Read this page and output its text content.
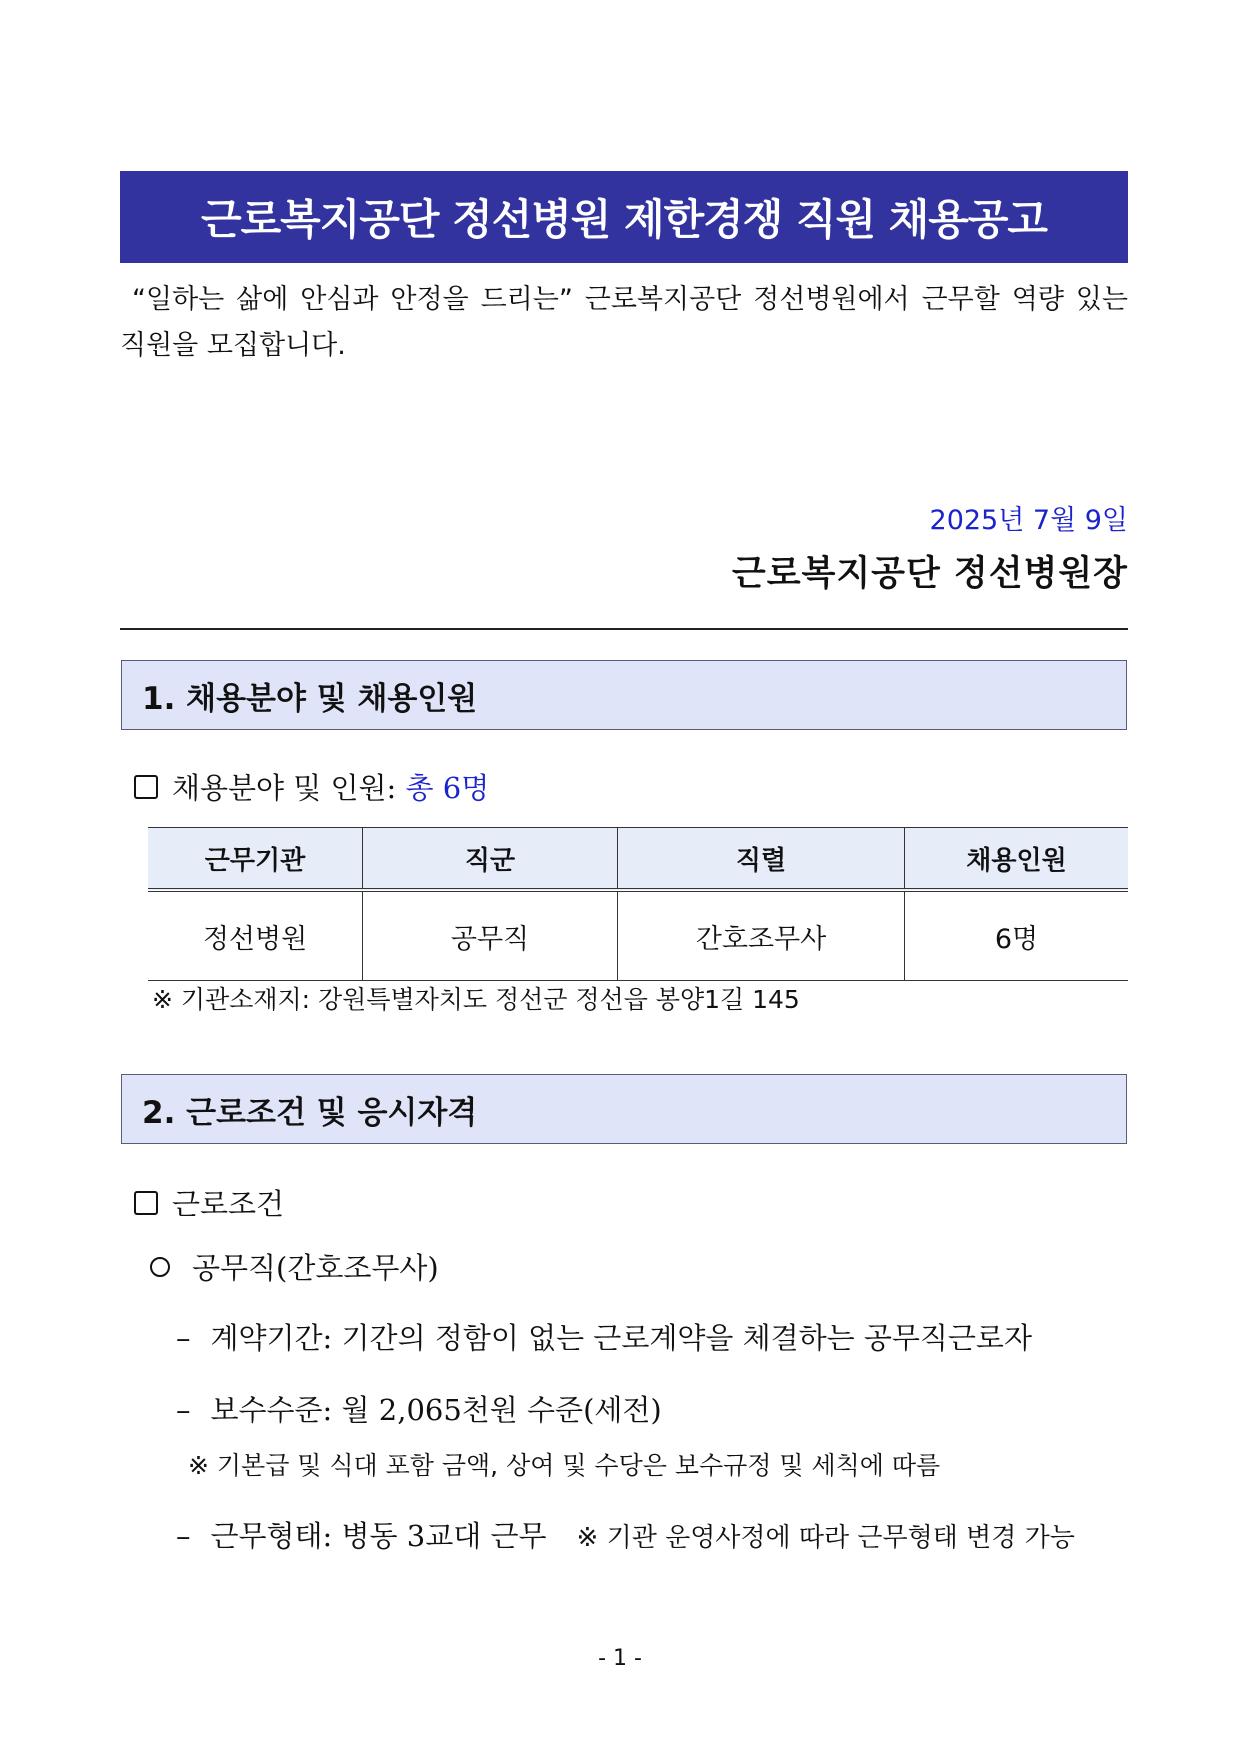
근로복지공단 정선병원 제한경쟁 직원 채용공고
“일하는 삶에 안심과 안정을 드리는” 근로복지공단 정선병원에서 근무할 역량 있는
직원을 모집합니다.
2025년 7월 9일
근로복지공단 정선병원장
1. 채용분야 및 채용인원
채용분야 및 인원: 총 6명
근무기관	직군	직렬	채용인원
정선병원	공무직	간호조무사	6명
※ 기관소재지: 강원특별자치도 정선군 정선읍 봉양1길 145
2. 근로조건 및 응시자격
근로조건
공무직(간호조무사)
– 계약기간: 기간의 정함이 없는 근로계약을 체결하는 공무직근로자
– 보수수준: 월 2,065천원 수준(세전)
※ 기본급 및 식대 포함 금액, 상여 및 수당은 보수규정 및 세칙에 따름
– 근무형태: 병동 3교대 근무 ※ 기관 운영사정에 따라 근무형태 변경 가능
- 1 -
